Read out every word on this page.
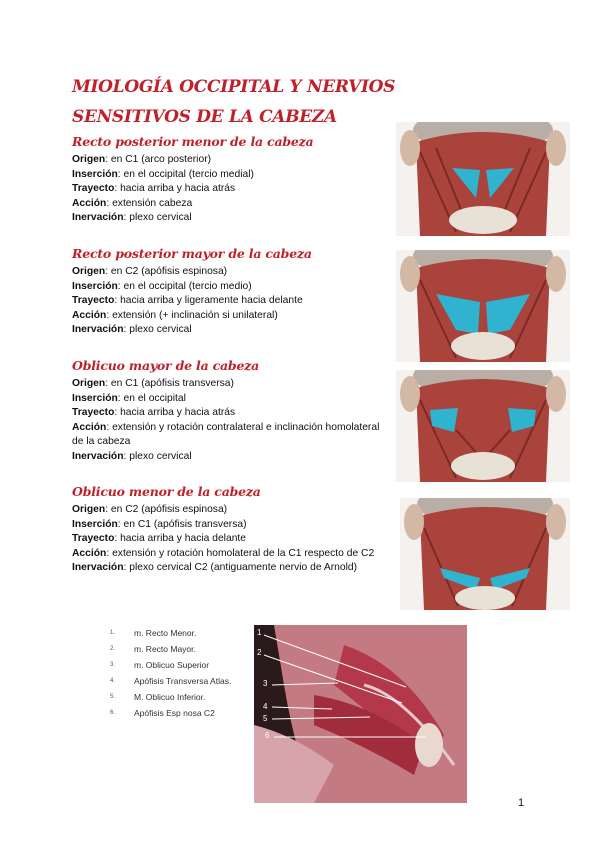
MIOLOGÍA OCCIPITAL Y NERVIOS SENSITIVOS DE LA CABEZA
Recto posterior menor de la cabeza
Origen: en C1 (arco posterior)
Inserción: en el occipital (tercio medial)
Trayecto: hacia arriba y hacia atrás
Acción: extensión cabeza
Inervación: plexo cervical
Recto posterior mayor de la cabeza
Origen: en C2 (apófisis espinosa)
Inserción: en el occipital (tercio medio)
Trayecto: hacia arriba y ligeramente hacia delante
Acción: extensión (+ inclinación si unilateral)
Inervación: plexo cervical
Oblicuo mayor de la cabeza
Origen: en C1 (apófisis transversa)
Inserción: en el occipital
Trayecto: hacia arriba y hacia atrás
Acción: extensión y rotación contralateral e inclinación homolateral de la cabeza
Inervación: plexo cervical
Oblicuo menor de la cabeza
Origen: en C2 (apófisis espinosa)
Inserción: en C1 (apófisis transversa)
Trayecto: hacia arriba y hacia delante
Acción: extensión y rotación homolateral de la C1 respecto de C2
Inervación: plexo cervical C2 (antiguamente nervio de Arnold)
1.	m. Recto Menor.
2.	m. Recto Mayor.
3.	m. Oblicuo Superior
4.	Apófisis Transversa Atlas.
5.	M. Oblicuo Inferior.
6.	Apófisis Esp nosa C2
1
2
3
4
5
6
1
